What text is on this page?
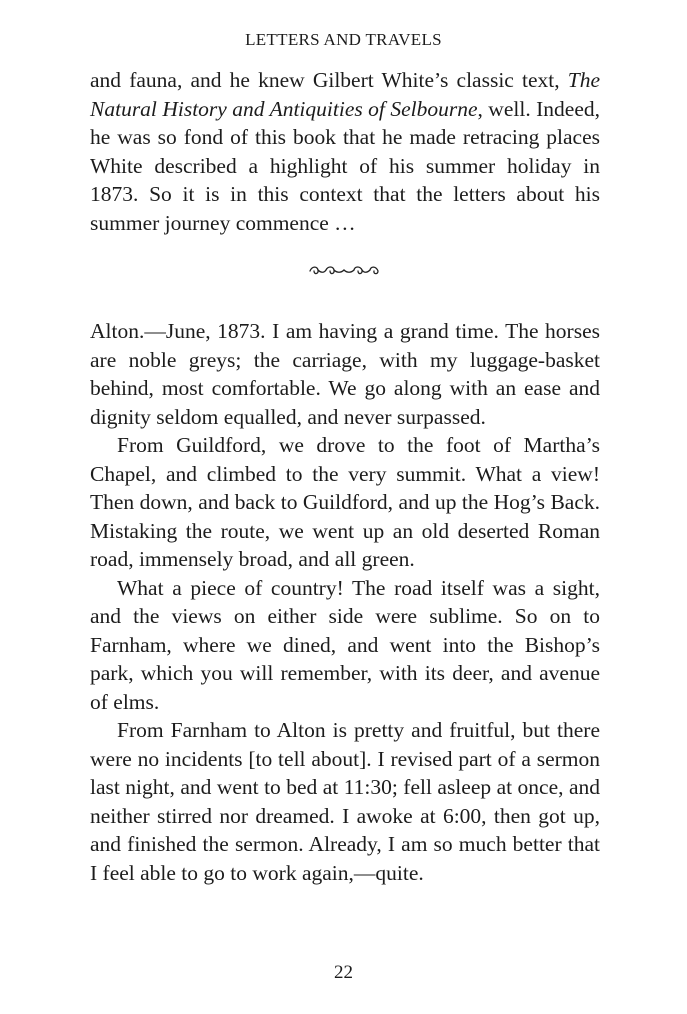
LETTERS AND TRAVELS

and fauna, and he knew Gilbert White’s classic text, The Natural History and Antiquities of Selbourne, well. Indeed, he was so fond of this book that he made retracing places White described a highlight of his summer holiday in 1873. So it is in this context that the letters about his summer journey commence …

Alton.—June, 1873. I am having a grand time. The horses are noble greys; the carriage, with my luggage-basket behind, most comfortable. We go along with an ease and dignity seldom equalled, and never surpassed.

From Guildford, we drove to the foot of Martha’s Chapel, and climbed to the very summit. What a view! Then down, and back to Guildford, and up the Hog’s Back. Mistaking the route, we went up an old deserted Roman road, immensely broad, and all green.

What a piece of country! The road itself was a sight, and the views on either side were sublime. So on to Farnham, where we dined, and went into the Bishop’s park, which you will remember, with its deer, and avenue of elms.

From Farnham to Alton is pretty and fruitful, but there were no incidents [to tell about]. I revised part of a sermon last night, and went to bed at 11:30; fell asleep at once, and neither stirred nor dreamed. I awoke at 6:00, then got up, and finished the sermon. Already, I am so much better that I feel able to go to work again,—quite.

22
